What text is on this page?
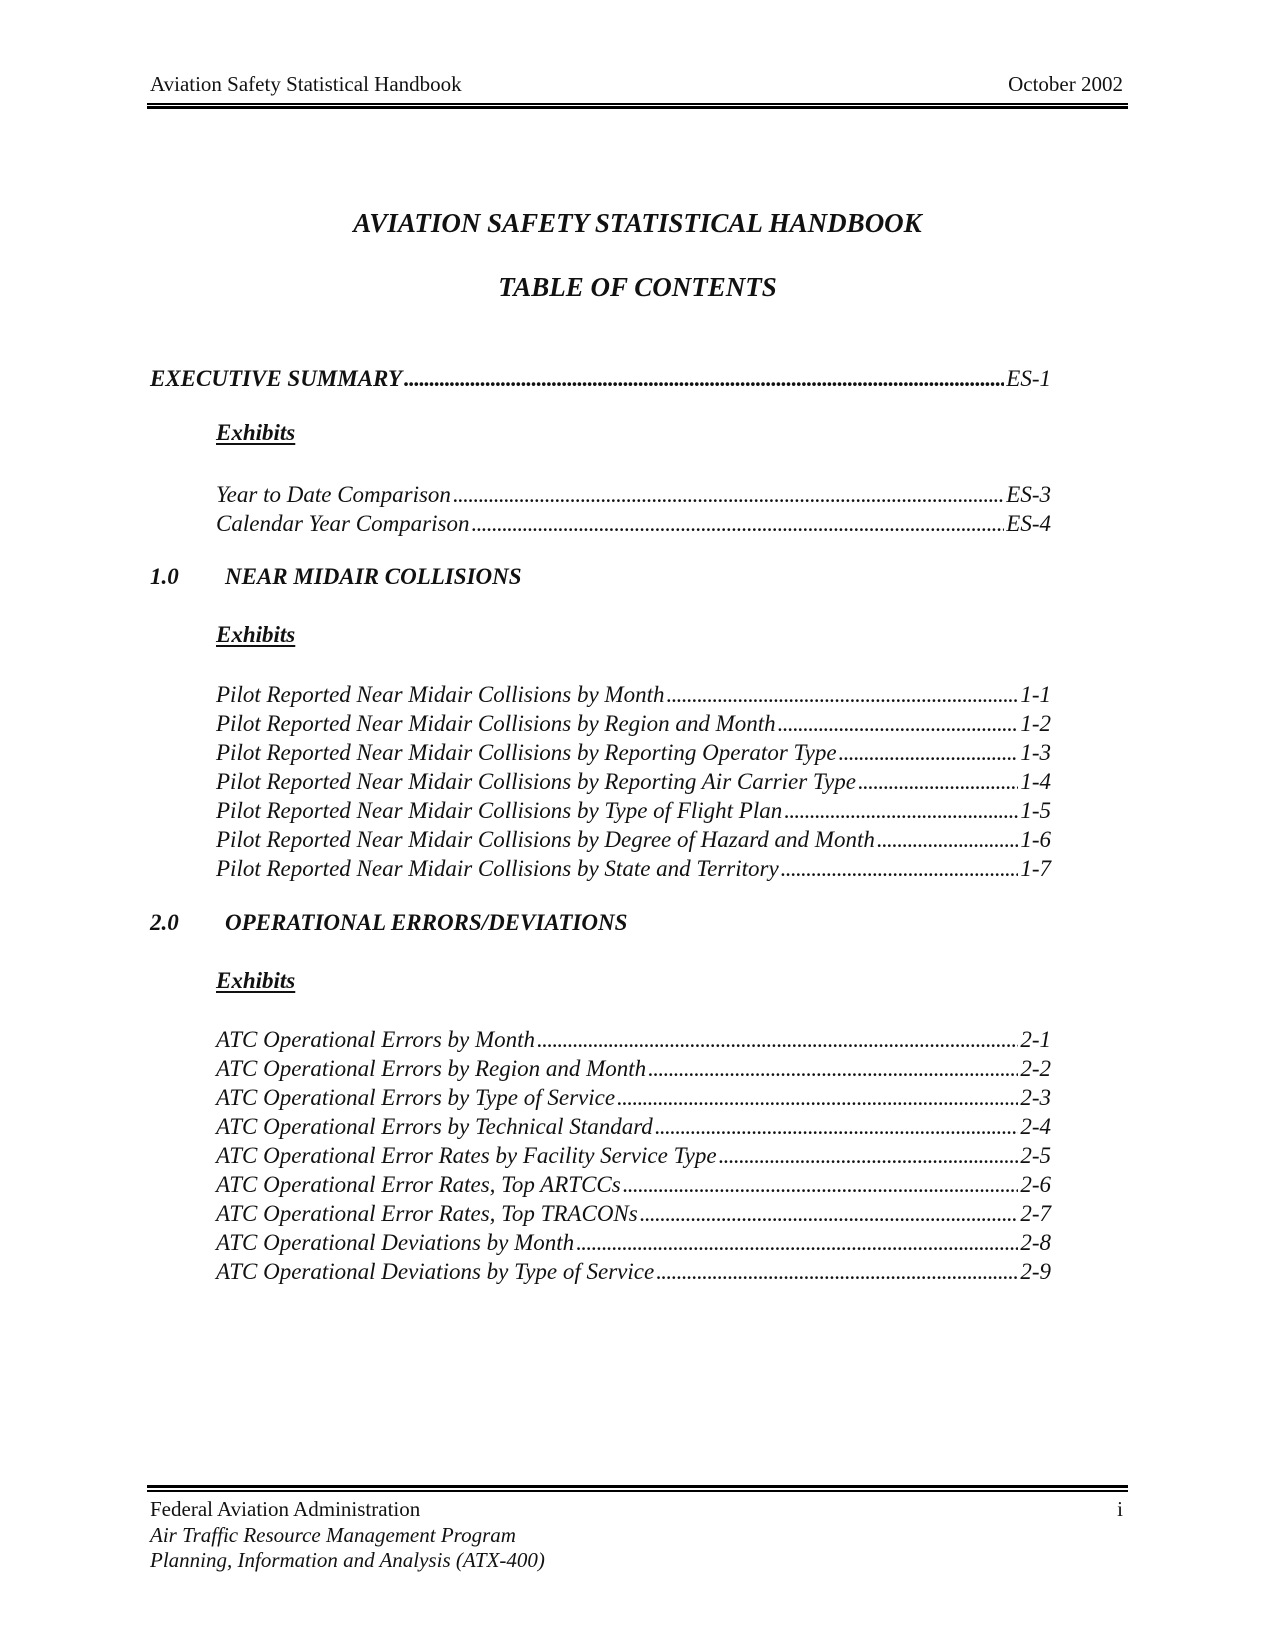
Aviation Safety Statistical Handbook	October 2002
AVIATION SAFETY STATISTICAL HANDBOOK
TABLE OF CONTENTS
EXECUTIVE SUMMARY . . .	ES-1
Exhibits
Year to Date Comparison . . .	ES-3
Calendar Year Comparison . . .	ES-4
1.0 NEAR MIDAIR COLLISIONS
Exhibits
Pilot Reported Near Midair Collisions by Month . . .	1-1
Pilot Reported Near Midair Collisions by Region and Month . . .	1-2
Pilot Reported Near Midair Collisions by Reporting Operator Type . . .	1-3
Pilot Reported Near Midair Collisions by Reporting Air Carrier Type . . .	1-4
Pilot Reported Near Midair Collisions by Type of Flight Plan . . .	1-5
Pilot Reported Near Midair Collisions by Degree of Hazard and Month . . .	1-6
Pilot Reported Near Midair Collisions by State and Territory . . .	1-7
2.0 OPERATIONAL ERRORS/DEVIATIONS
Exhibits
ATC Operational Errors by Month . . .	2-1
ATC Operational Errors by Region and Month . . .	2-2
ATC Operational Errors by Type of Service . . .	2-3
ATC Operational Errors by Technical Standard . . .	2-4
ATC Operational Error Rates by Facility Service Type . . .	2-5
ATC Operational Error Rates, Top ARTCCs . . .	2-6
ATC Operational Error Rates, Top TRACONs . . .	2-7
ATC Operational Deviations by Month . . .	2-8
ATC Operational Deviations by Type of Service . . .	2-9
Federal Aviation Administration
Air Traffic Resource Management Program
Planning, Information and Analysis (ATX-400)
i
